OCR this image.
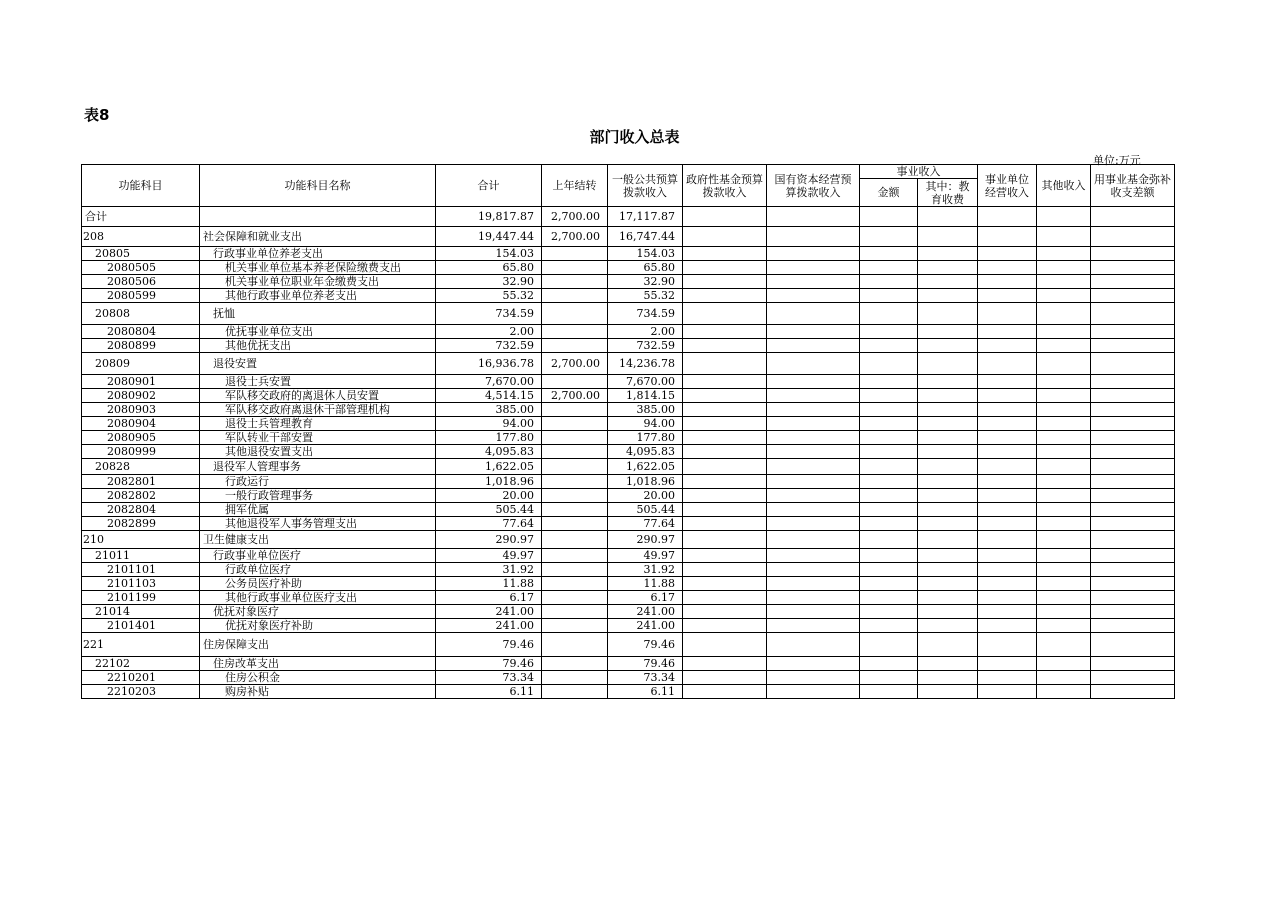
表8
部门收入总表
单位:万元
功能科目	功能科目名称	合计	上年结转	一般公共预算拨款收入	政府性基金预算拨款收入	国有资本经营预算拨款收入	事业收入		事业单位经营收入	其他收入	用事业基金弥补收支差额
							金额	其中：教育收费			
合计		19,817.87	2,700.00	17,117.87							
208	社会保障和就业支出	19,447.44	2,700.00	16,747.44							
20805	行政事业单位养老支出	154.03		154.03							
2080505	机关事业单位基本养老保险缴费支出	65.80		65.80							
2080506	机关事业单位职业年金缴费支出	32.90		32.90							
2080599	其他行政事业单位养老支出	55.32		55.32							
20808	抚恤	734.59		734.59							
2080804	优抚事业单位支出	2.00		2.00							
2080899	其他优抚支出	732.59		732.59							
20809	退役安置	16,936.78	2,700.00	14,236.78							
2080901	退役士兵安置	7,670.00		7,670.00							
2080902	军队移交政府的离退休人员安置	4,514.15	2,700.00	1,814.15							
2080903	军队移交政府离退休干部管理机构	385.00		385.00							
2080904	退役士兵管理教育	94.00		94.00							
2080905	军队转业干部安置	177.80		177.80							
2080999	其他退役安置支出	4,095.83		4,095.83							
20828	退役军人管理事务	1,622.05		1,622.05							
2082801	行政运行	1,018.96		1,018.96							
2082802	一般行政管理事务	20.00		20.00							
2082804	拥军优属	505.44		505.44							
2082899	其他退役军人事务管理支出	77.64		77.64							
210	卫生健康支出	290.97		290.97							
21011	行政事业单位医疗	49.97		49.97							
2101101	行政单位医疗	31.92		31.92							
2101103	公务员医疗补助	11.88		11.88							
2101199	其他行政事业单位医疗支出	6.17		6.17							
21014	优抚对象医疗	241.00		241.00							
2101401	优抚对象医疗补助	241.00		241.00							
221	住房保障支出	79.46		79.46							
22102	住房改革支出	79.46		79.46							
2210201	住房公积金	73.34		73.34							
2210203	购房补贴	6.11		6.11							
